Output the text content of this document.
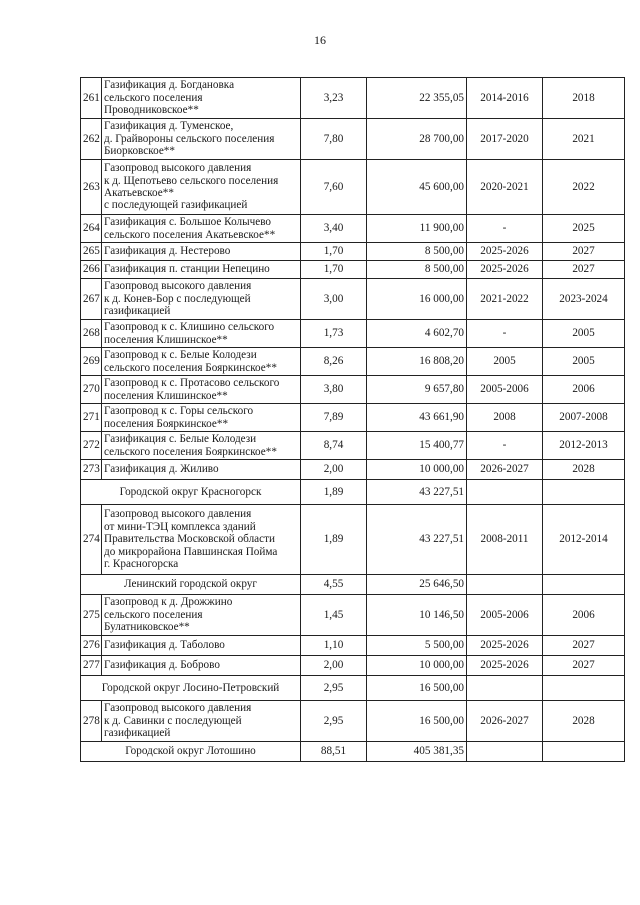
16
261	Газификация д. Богдановка
сельского поселения
Проводниковское**	3,23	22 355,05	2014-2016	2018
262	Газификация д. Туменское,
д. Грайвороны сельского поселения
Биорковское**	7,80	28 700,00	2017-2020	2021
263	Газопровод высокого давления
к д. Щепотьево сельского поселения
Акатьевское**
с последующей газификацией	7,60	45 600,00	2020-2021	2022
264	Газификация с. Большое Колычево
сельского поселения Акатьевское**	3,40	11 900,00	-	2025
265	Газификация д. Нестерово	1,70	8 500,00	2025-2026	2027
266	Газификация п. станции Непецино	1,70	8 500,00	2025-2026	2027
267	Газопровод высокого давления
к д. Конев-Бор с последующей
газификацией	3,00	16 000,00	2021-2022	2023-2024
268	Газопровод к с. Клишино сельского
поселения Клишинское**	1,73	4 602,70	-	2005
269	Газопровод к с. Белые Колодези
сельского поселения Бояркинское**	8,26	16 808,20	2005	2005
270	Газопровод к с. Протасово сельского
поселения Клишинское**	3,80	9 657,80	2005-2006	2006
271	Газопровод к с. Горы сельского
поселения Бояркинское**	7,89	43 661,90	2008	2007-2008
272	Газификация с. Белые Колодези
сельского поселения Бояркинское**	8,74	15 400,77	-	2012-2013
273	Газификация д. Жиливо	2,00	10 000,00	2026-2027	2028
Городской округ Красногорск		1,89	43 227,51		
274	Газопровод высокого давления
от мини-ТЭЦ комплекса зданий
Правительства Московской области
до микрорайона Павшинская Пойма
г. Красногорска	1,89	43 227,51	2008-2011	2012-2014
Ленинский городской округ		4,55	25 646,50		
275	Газопровод к д. Дрожжино
сельского поселения
Булатниковское**	1,45	10 146,50	2005-2006	2006
276	Газификация д. Таболово	1,10	5 500,00	2025-2026	2027
277	Газификация д. Боброво	2,00	10 000,00	2025-2026	2027
Городской округ Лосино-Петровский		2,95	16 500,00		
278	Газопровод высокого давления
к д. Савинки с последующей
газификацией	2,95	16 500,00	2026-2027	2028
Городской округ Лотошино		88,51	405 381,35		
